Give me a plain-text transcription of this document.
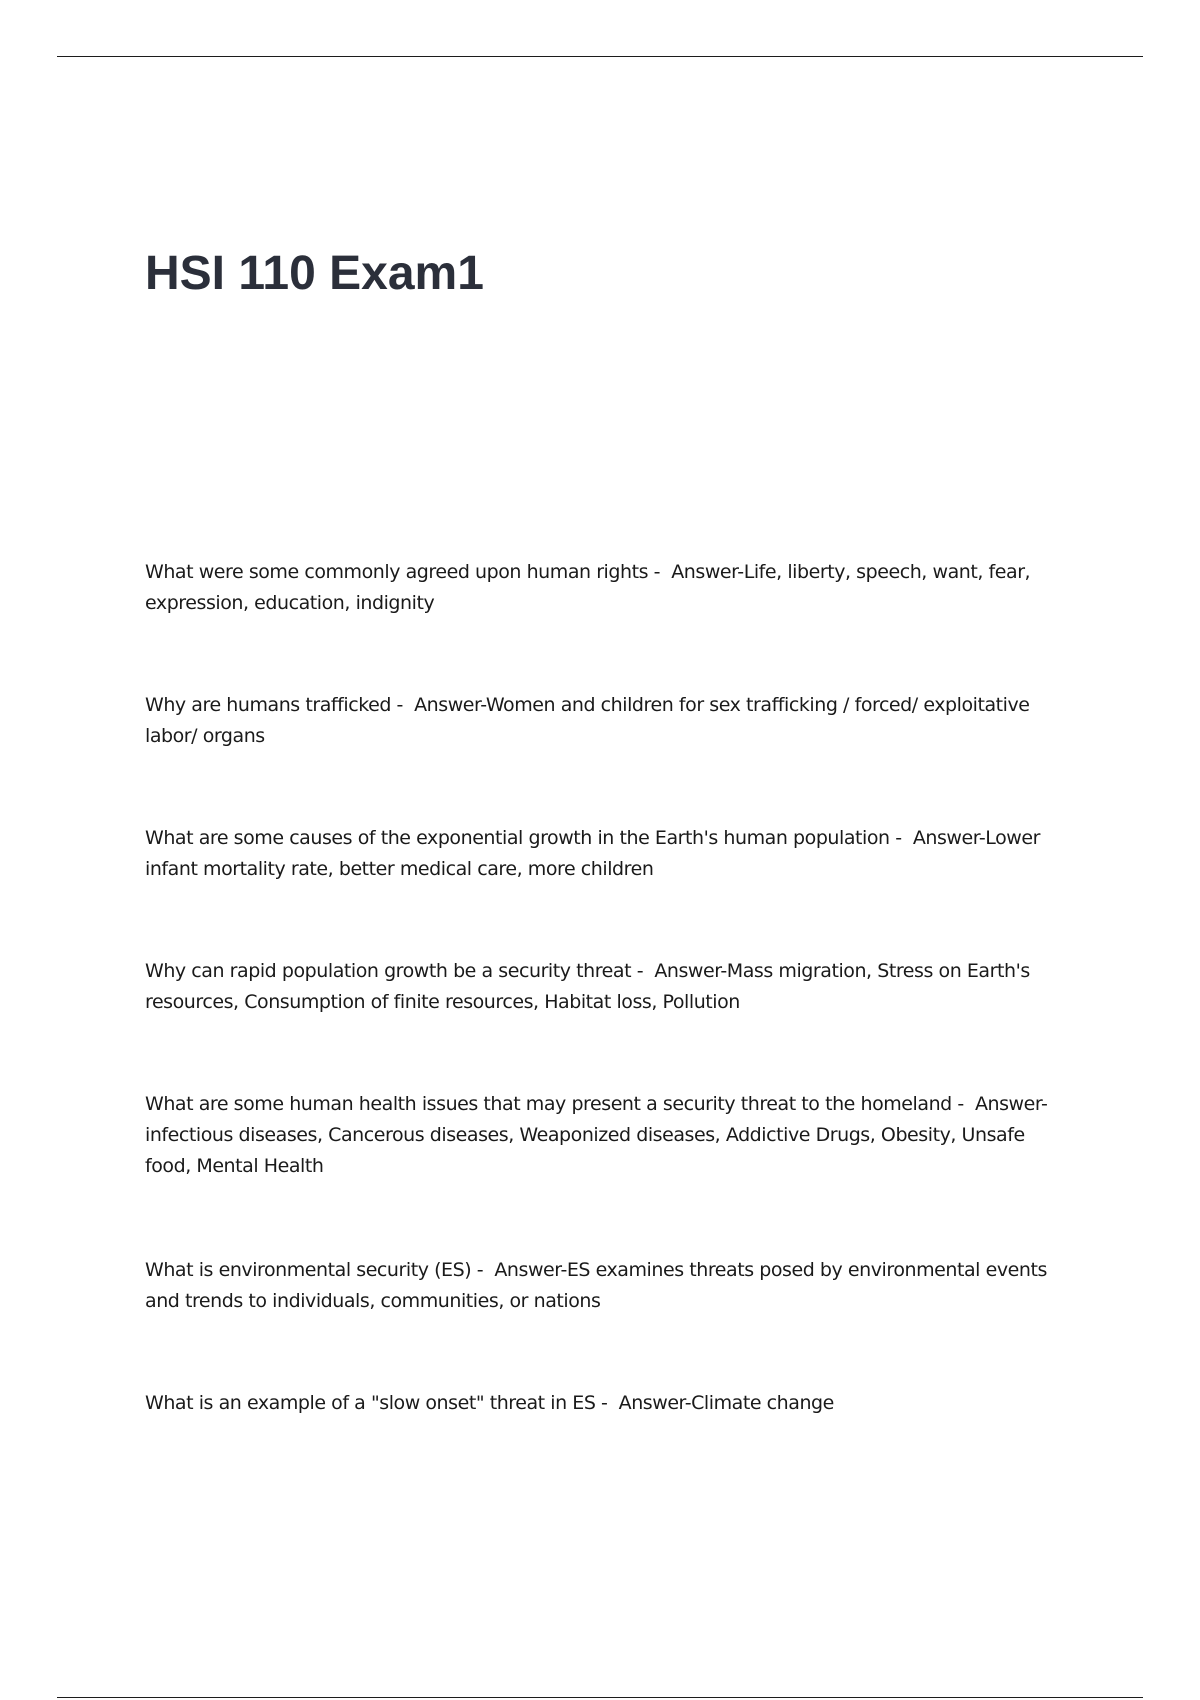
HSI 110 Exam1

What were some commonly agreed upon human rights -  Answer-Life, liberty, speech, want, fear, expression, education, indignity

Why are humans trafficked -  Answer-Women and children for sex trafficking / forced/ exploitative labor/ organs

What are some causes of the exponential growth in the Earth's human population -  Answer-Lower infant mortality rate, better medical care, more children

Why can rapid population growth be a security threat -  Answer-Mass migration, Stress on Earth's resources, Consumption of finite resources, Habitat loss, Pollution

What are some human health issues that may present a security threat to the homeland -  Answer-infectious diseases, Cancerous diseases, Weaponized diseases, Addictive Drugs, Obesity, Unsafe food, Mental Health

What is environmental security (ES) -  Answer-ES examines threats posed by environmental events and trends to individuals, communities, or nations

What is an example of a "slow onset" threat in ES -  Answer-Climate change
